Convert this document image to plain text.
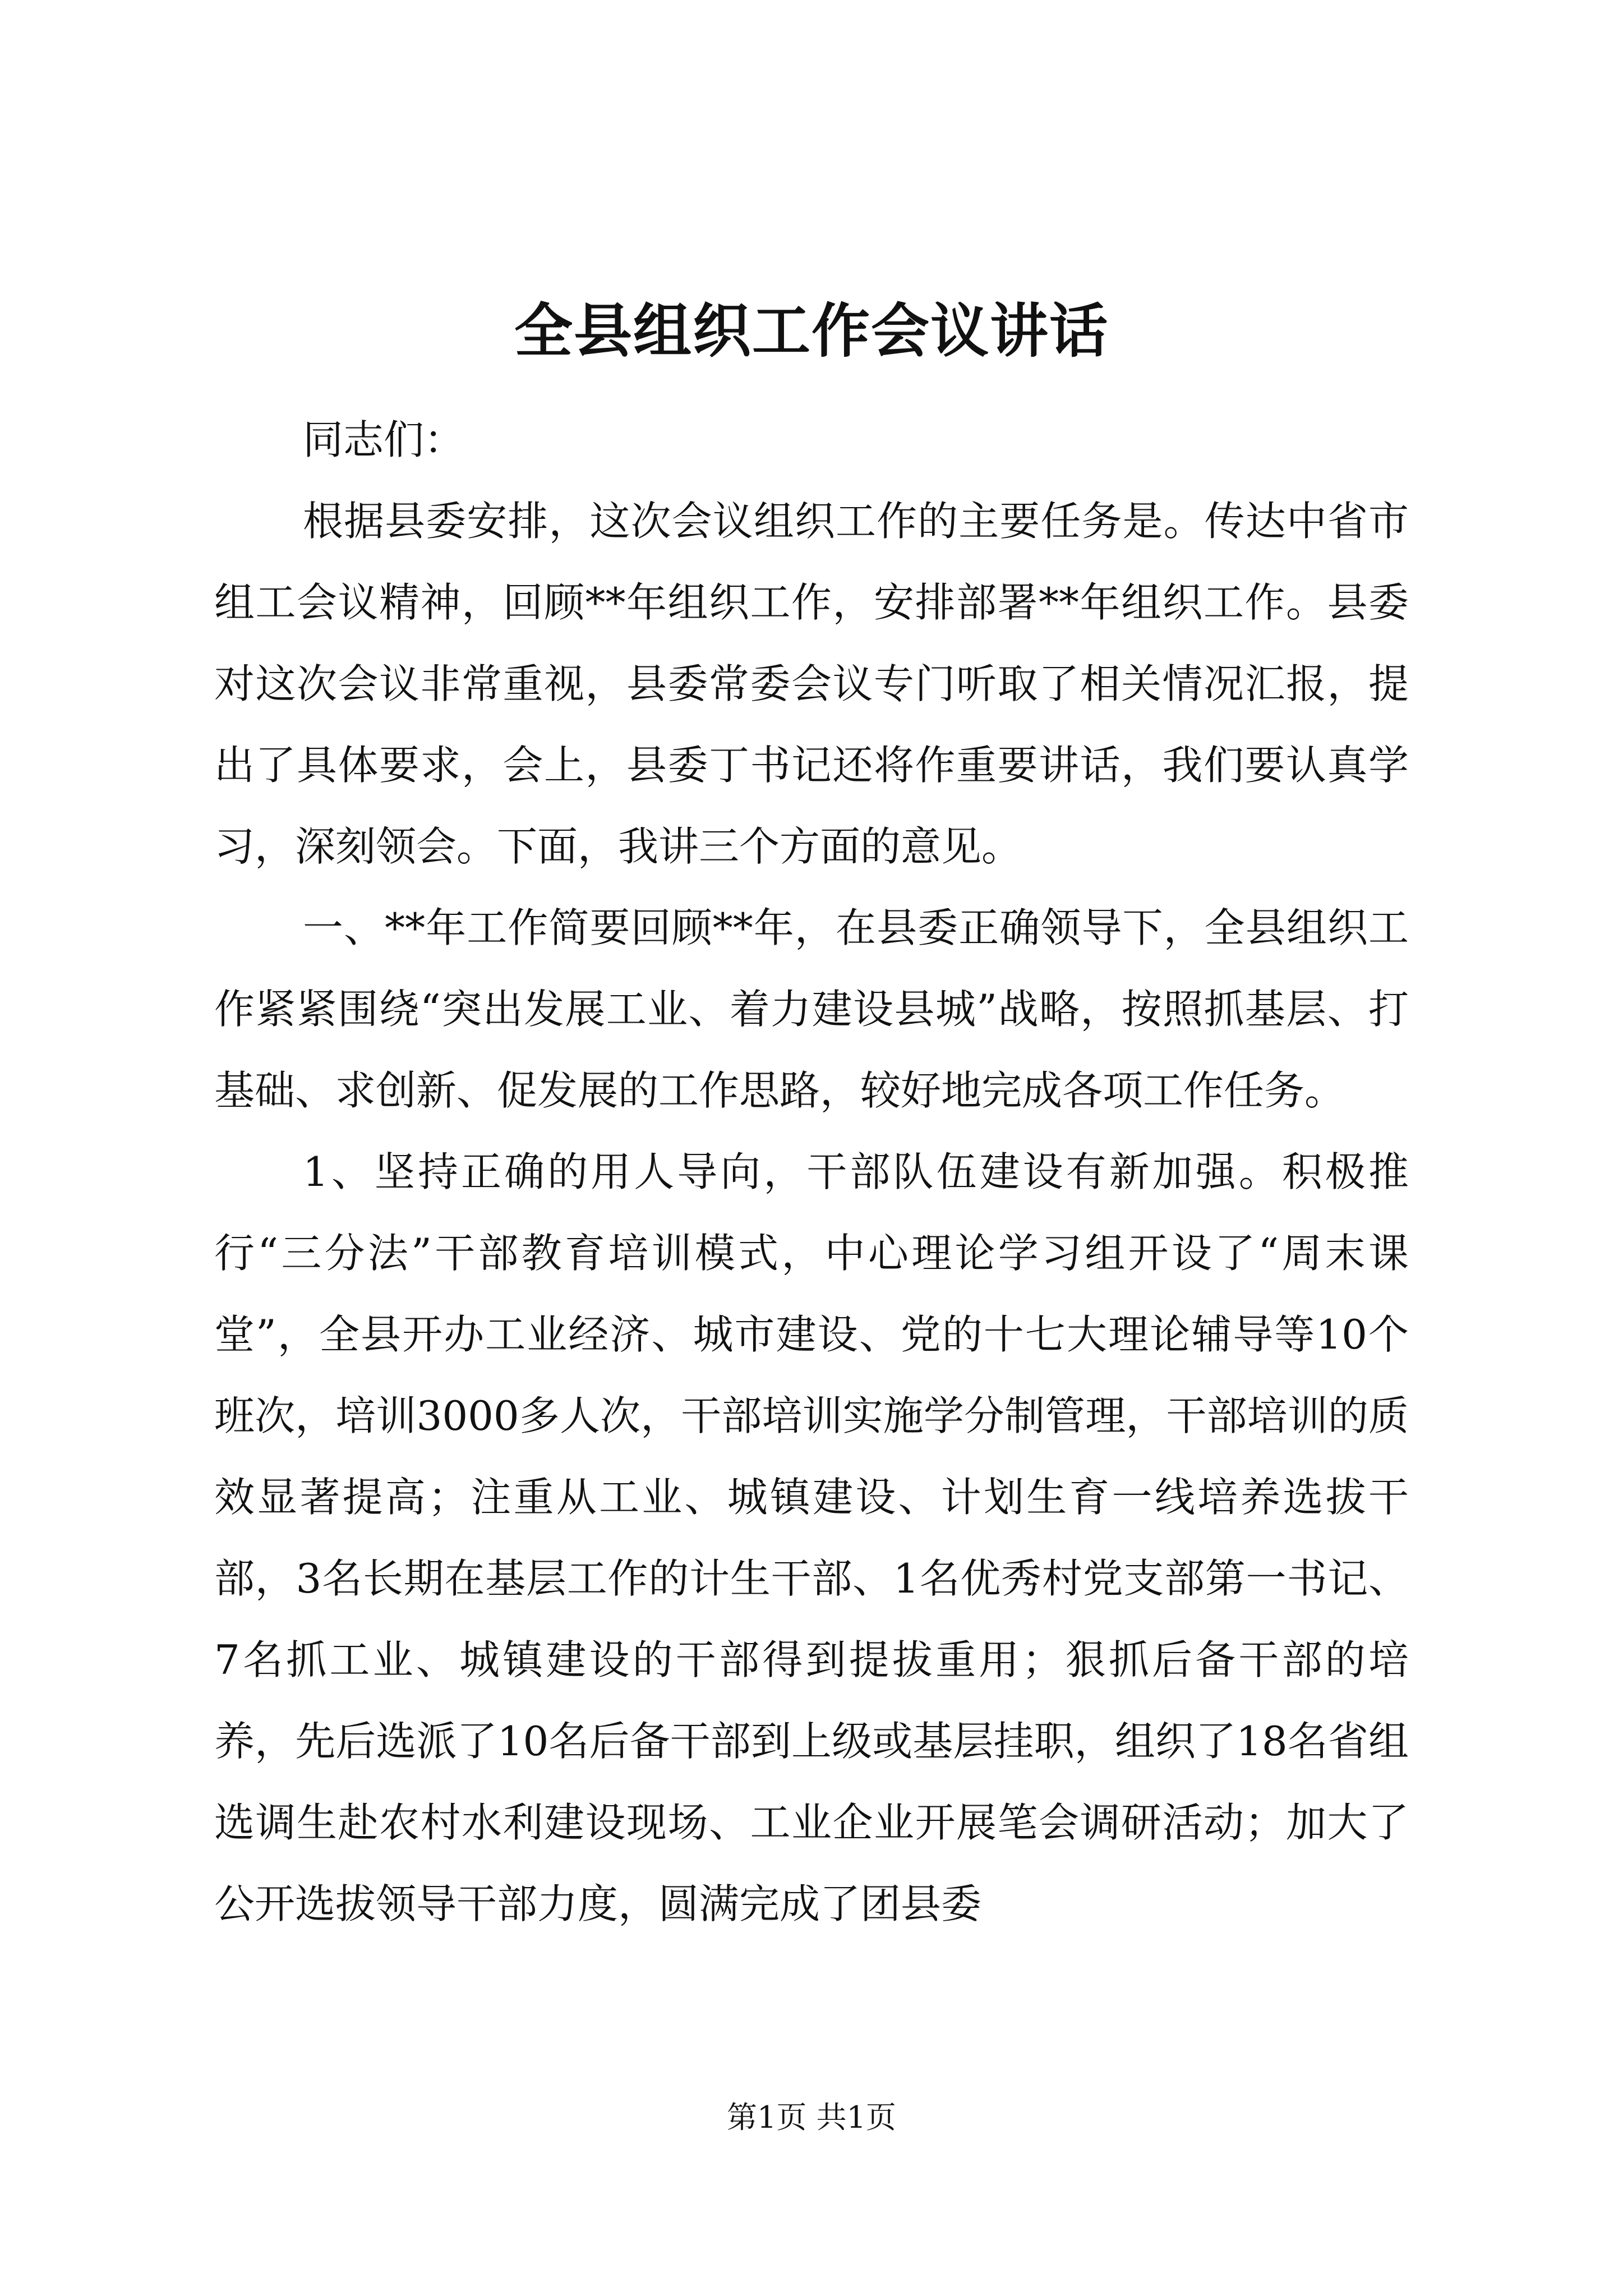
全县组织工作会议讲话

同志们：

根据县委安排，这次会议组织工作的主要任务是。传达中省市组工会议精神，回顾**年组织工作，安排部署**年组织工作。县委对这次会议非常重视，县委常委会议专门听取了相关情况汇报，提出了具体要求，会上，县委丁书记还将作重要讲话，我们要认真学习，深刻领会。下面，我讲三个方面的意见。

一、**年工作简要回顾**年，在县委正确领导下，全县组织工作紧紧围绕“突出发展工业、着力建设县城”战略，按照抓基层、打基础、求创新、促发展的工作思路，较好地完成各项工作任务。

1、坚持正确的用人导向，干部队伍建设有新加强。积极推行“三分法”干部教育培训模式，中心理论学习组开设了“周末课堂”，全县开办工业经济、城市建设、党的十七大理论辅导等10个班次，培训3000多人次，干部培训实施学分制管理，干部培训的质效显著提高；注重从工业、城镇建设、计划生育一线培养选拔干部，3名长期在基层工作的计生干部、1名优秀村党支部第一书记、7名抓工业、城镇建设的干部得到提拔重用；狠抓后备干部的培养，先后选派了10名后备干部到上级或基层挂职，组织了18名省组选调生赴农村水利建设现场、工业企业开展笔会调研活动；加大了公开选拔领导干部力度，圆满完成了团县委

第1页 共1页
